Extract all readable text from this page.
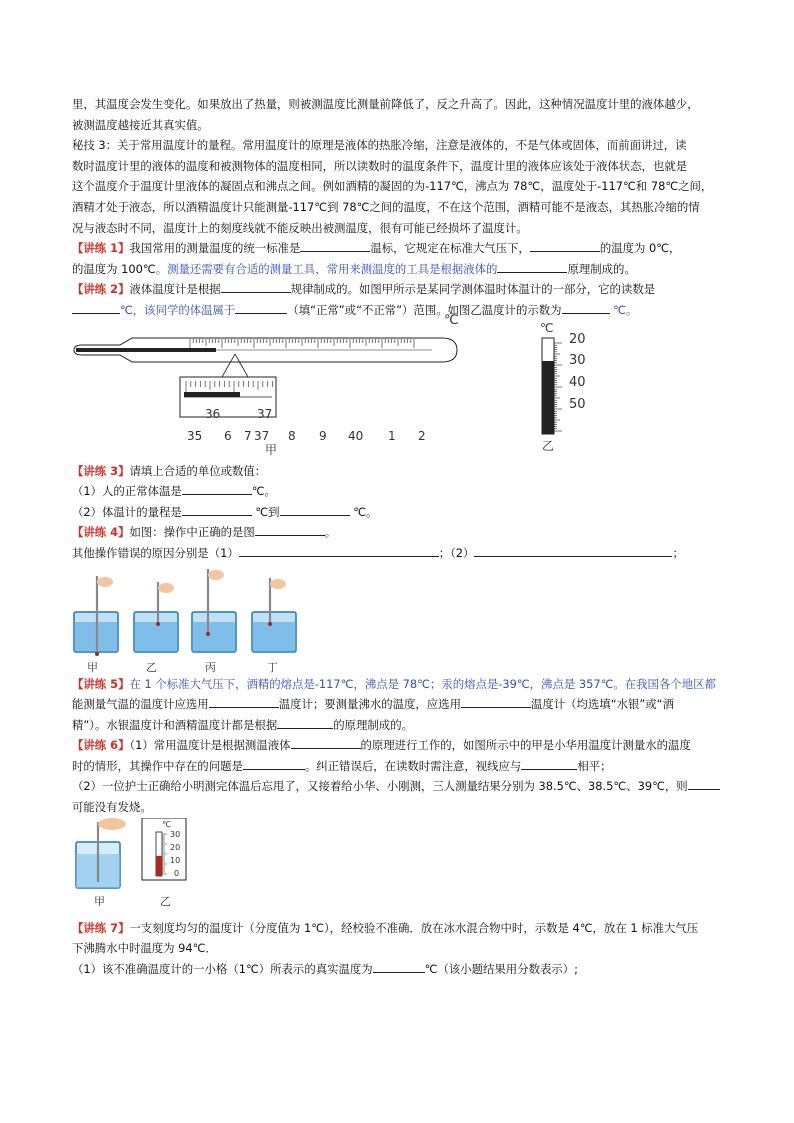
里，其温度会发生变化。如果放出了热量，则被测温度比测量前降低了，反之升高了。因此，这种情况温度计里的液体越少，

被测温度越接近其真实值。

秘技 3：关于常用温度计的量程。常用温度计的原理是液体的热胀冷缩，注意是液体的，不是气体或固体，而前面讲过，读

数时温度计里的液体的温度和被测物体的温度相同，所以读数时的温度条件下，温度计里的液体应该处于液体状态，也就是

这个温度介于温度计里液体的凝固点和沸点之间。例如酒精的凝固的为-117℃，沸点为 78℃，温度处于-117℃和 78℃之间，

酒精才处于液态，所以酒精温度计只能测量-117℃到 78℃之间的温度，不在这个范围，酒精可能不是液态，其热胀冷缩的情

况与液态时不同，温度计上的刻度线就不能反映出被测温度，很有可能已经损坏了温度计。

【讲练 1】我国常用的测量温度的统一标准是	温标，它规定在标准大气压下，	的温度为 0℃，

的温度为 100℃。测量还需要有合适的测量工具，常用来测温度的工具是根据液体的	原理制成的。

【讲练 2】液体温度计是根据	规律制成的。如图甲所示是某同学测体温时体温计的一部分，它的读数是

℃，该同学的体温属于	（填“正常”或“不正常”）范围。如图乙温度计的示数为	℃。

35 6 7 37 8 9 40 1 2
℃
36	37
甲
℃
20
30
40
50
乙

【讲练 3】请填上合适的单位或数值：

（1）人的正常体温是	℃。

（2）体温计的量程是	℃到	℃。

【讲练 4】如图：操作中正确的是图	。

其他操作错误的原因分别是（1）	；（2）	；

甲	乙	丙	丁

【讲练 5】在 1 个标准大气压下，酒精的熔点是-117℃，沸点是 78℃；汞的熔点是-39℃，沸点是 357℃。在我国各个地区都

能测量气温的温度计应选用	温度计；要测量沸水的温度，应选用	温度计（均选填“水银”或“酒

精”）。水银温度计和酒精温度计都是根据	的原理制成的。

【讲练 6】（1）常用温度计是根据测温液体	的原理进行工作的，如图所示中的甲是小华用温度计测量水的温度

时的情形，其操作中存在的问题是	。纠正错误后，在读数时需注意，视线应与	相平；

（2）一位护士正确给小明测完体温后忘甩了，又接着给小华、小刚测，三人测量结果分别为 38.5℃、38.5℃、39℃，则

可能没有发烧。

℃
30
20
10
0
甲	乙

【讲练 7】一支刻度均匀的温度计（分度值为 1℃），经校验不准确．放在冰水混合物中时，示数是 4℃，放在 1 标准大气压

下沸腾水中时温度为 94℃．

（1）该不准确温度计的一小格（1℃）所表示的真实温度为	℃（该小题结果用分数表示）;
